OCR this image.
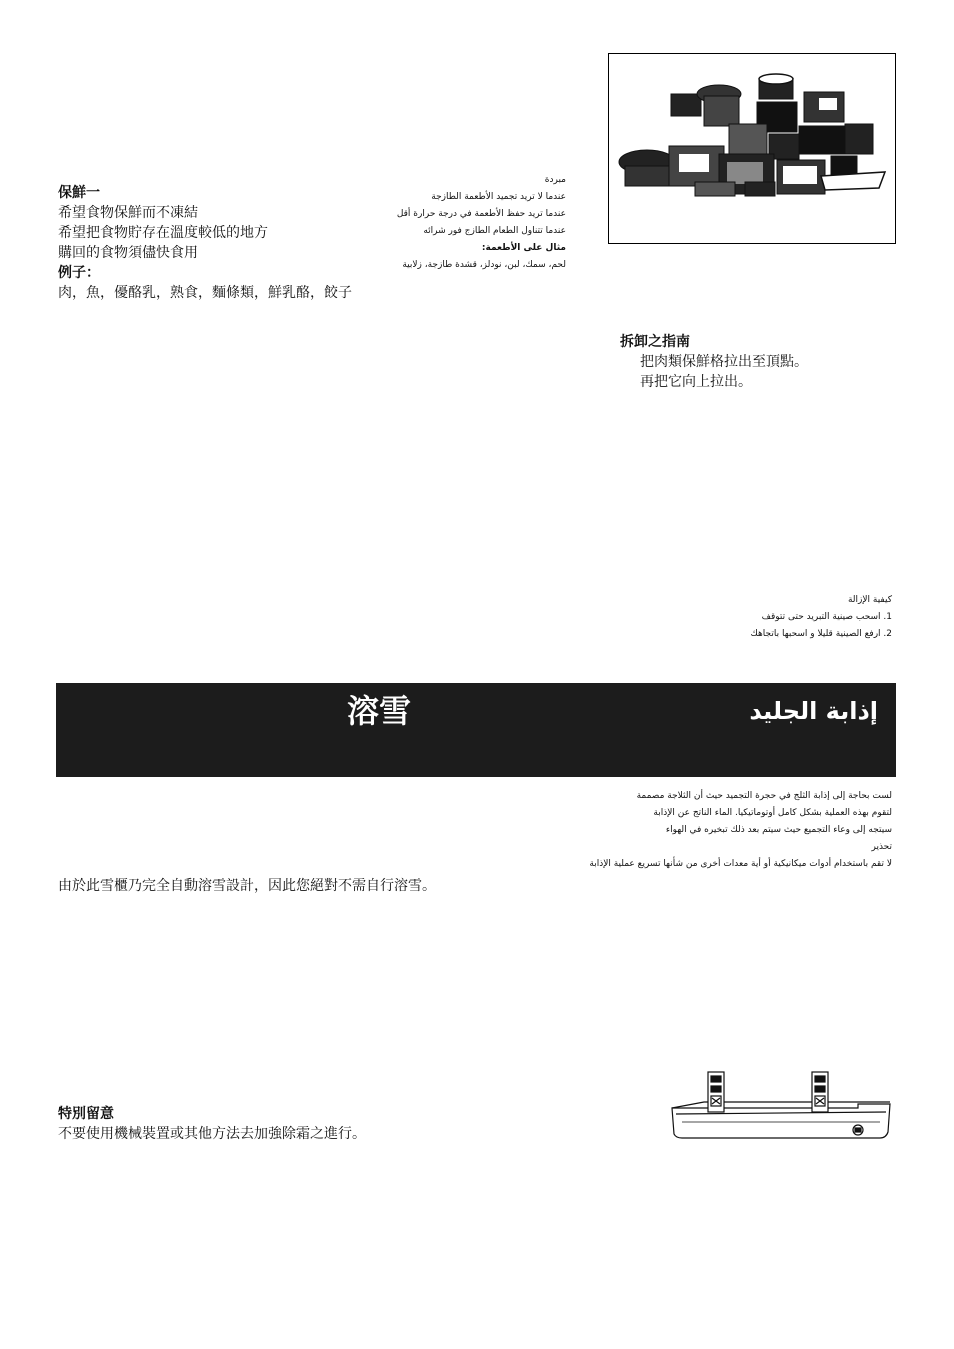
保鮮一
希望食物保鮮而不凍結
希望把食物貯存在溫度較低的地方
購回的食物須儘快食用
例子：
肉，魚，優酪乳，熟食，麵條類，鮮乳酪，餃子
مبردة
عندما لا تريد تجميد الأطعمة الطازجة
عندما تريد حفظ الأطعمة في درجة حرارة أقل
عندما تتناول الطعام الطازج فور شرائه
مثال على الأطعمة:
لحم، سمك، لبن، نودلز، قشدة طازجة، زلابية
拆卸之指南
把肉類保鮮格拉出至頂點。
再把它向上拉出。
كيفية الإزالة
1. اسحب صينية التبريد حتى تتوقف
2. ارفع الصينية قليلا و اسحبها باتجاهك
溶雪	إذابة الجليد
لست بحاجة إلى إذابة الثلج في حجرة التجميد حيث أن الثلاجة مصممة
لتقوم بهذه العملية بشكل كامل أوتوماتيكيا. الماء الناتج عن الإذابة
سيتجه إلى وعاء التجميع حيث سيتم بعد ذلك تبخيره في الهواء
تحذير
لا تقم باستخدام أدوات ميكانيكية أو أية معدات أخرى من شأنها تسريع عملية الإذابة
由於此雪櫃乃完全自動溶雪設計，因此您絕對不需自行溶雪。
特別留意
不要使用機械裝置或其他方法去加強除霜之進行。
